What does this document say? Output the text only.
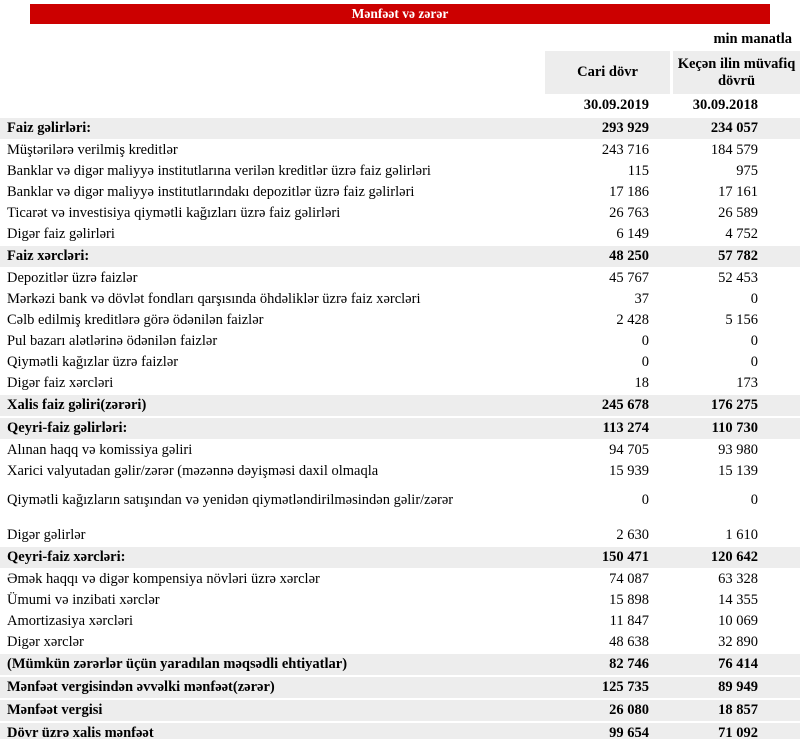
Mənfəət və zərər
min manatla
Cari dövr
Keçən ilin müvafiq dövrü
30.09.2019	30.09.2018
Faiz gəlirləri:	293 929	234 057
Müştərilərə verilmiş kreditlər	243 716	184 579
Banklar və digər maliyyə institutlarına verilən kreditlər üzrə faiz gəlirləri	115	975
Banklar və digər maliyyə institutlarındakı depozitlər üzrə faiz gəlirləri	17 186	17 161
Ticarət və investisiya qiymətli kağızları üzrə faiz gəlirləri	26 763	26 589
Digər faiz gəlirləri	6 149	4 752
Faiz xərcləri:	48 250	57 782
Depozitlər üzrə faizlər	45 767	52 453
Mərkəzi bank və dövlət fondları qarşısında öhdəliklər üzrə faiz xərcləri	37	0
Cəlb edilmiş kreditlərə görə ödənilən faizlər	2 428	5 156
Pul bazarı alətlərinə ödənilən faizlər	0	0
Qiymətli kağızlar üzrə faizlər	0	0
Digər faiz xərcləri	18	173
Xalis faiz gəliri(zərəri)	245 678	176 275
Qeyri-faiz gəlirləri:	113 274	110 730
Alınan haqq və komissiya gəliri	94 705	93 980
Xarici valyutadan gəlir/zərər (məzənnə dəyişməsi daxil olmaqla	15 939	15 139
Qiymətli kağızların satışından və yenidən qiymətləndirilməsindən gəlir/zərər	0	0
Digər gəlirlər	2 630	1 610
Qeyri-faiz xərcləri:	150 471	120 642
Əmək haqqı və digər kompensiya növləri üzrə xərclər	74 087	63 328
Ümumi və inzibati xərclər	15 898	14 355
Amortizasiya xərcləri	11 847	10 069
Digər xərclər	48 638	32 890
(Mümkün zərərlər üçün yaradılan məqsədli ehtiyatlar)	82 746	76 414
Mənfəət vergisindən əvvəlki mənfəət(zərər)	125 735	89 949
Mənfəət vergisi	26 080	18 857
Dövr üzrə xalis mənfəət	99 654	71 092
